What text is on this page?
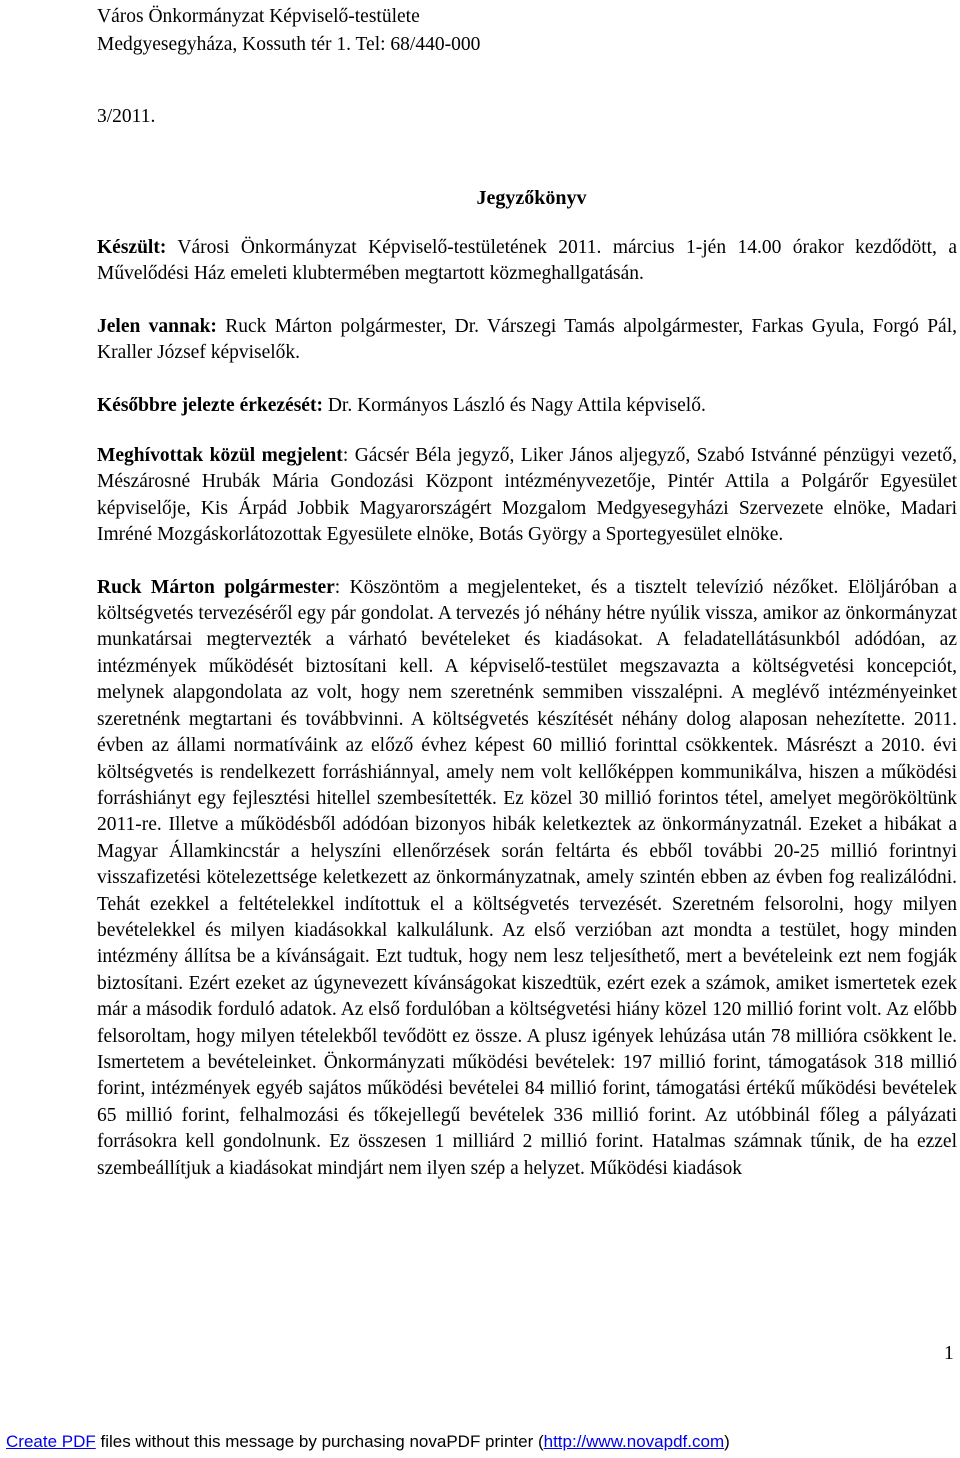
Város Önkormányzat Képviselő-testülete
Medgyesegyháza, Kossuth tér 1. Tel: 68/440-000
3/2011.
Jegyzőkönyv

Készült: Városi Önkormányzat Képviselő-testületének 2011. március 1-jén 14.00 órakor kezdődött, a Művelődési Ház emeleti klubtermében megtartott közmeghallgatásán.

Jelen vannak: Ruck Márton polgármester, Dr. Várszegi Tamás alpolgármester, Farkas Gyula, Forgó Pál, Kraller József képviselők.

Későbbre jelezte érkezését: Dr. Kormányos László és Nagy Attila képviselő.

Meghívottak közül megjelent: Gácsér Béla jegyző, Liker János aljegyző, Szabó Istvánné pénzügyi vezető, Mészárosné Hrubák Mária Gondozási Központ intézményvezetője, Pintér Attila a Polgárőr Egyesület képviselője, Kis Árpád Jobbik Magyarországért Mozgalom Medgyesegyházi Szervezete elnöke, Madari Imréné Mozgáskorlátozottak Egyesülete elnöke, Botás György a Sportegyesület elnöke.

Ruck Márton polgármester: Köszöntöm a megjelenteket, és a tisztelt televízió nézőket. Elöljáróban a költségvetés tervezéséről egy pár gondolat. A tervezés jó néhány hétre nyúlik vissza, amikor az önkormányzat munkatársai megtervezték a várható bevételeket és kiadásokat. A feladatellátásunkból adódóan, az intézmények működését biztosítani kell. A képviselő-testület megszavazta a költségvetési koncepciót, melynek alapgondolata az volt, hogy nem szeretnénk semmiben visszalépni. A meglévő intézményeinket szeretnénk megtartani és továbbvinni. A költségvetés készítését néhány dolog alaposan nehezítette. 2011. évben az állami normatíváink az előző évhez képest 60 millió forinttal csökkentek. Másrészt a 2010. évi költségvetés is rendelkezett forráshiánnyal, amely nem volt kellőképpen kommunikálva, hiszen a működési forráshiányt egy fejlesztési hitellel szembesítették. Ez közel 30 millió forintos tétel, amelyet megörököltünk 2011-re. Illetve a működésből adódóan bizonyos hibák keletkeztek az önkormányzatnál. Ezeket a hibákat a Magyar Államkincstár a helyszíni ellenőrzések során feltárta és ebből további 20-25 millió forintnyi visszafizetési kötelezettsége keletkezett az önkormányzatnak, amely szintén ebben az évben fog realizálódni. Tehát ezekkel a feltételekkel indítottuk el a költségvetés tervezését. Szeretném felsorolni, hogy milyen bevételekkel és milyen kiadásokkal kalkulálunk. Az első verzióban azt mondta a testület, hogy minden intézmény állítsa be a kívánságait. Ezt tudtuk, hogy nem lesz teljesíthető, mert a bevételeink ezt nem fogják biztosítani. Ezért ezeket az úgynevezett kívánságokat kiszedtük, ezért ezek a számok, amiket ismertetek ezek már a második forduló adatok. Az első fordulóban a költségvetési hiány közel 120 millió forint volt. Az előbb felsoroltam, hogy milyen tételekből tevődött ez össze. A plusz igények lehúzása után 78 millióra csökkent le. Ismertetem a bevételeinket. Önkormányzati működési bevételek: 197 millió forint, támogatások 318 millió forint, intézmények egyéb sajátos működési bevételei 84 millió forint, támogatási értékű működési bevételek 65 millió forint, felhalmozási és tőkejellegű bevételek 336 millió forint. Az utóbbinál főleg a pályázati forrásokra kell gondolnunk. Ez összesen 1 milliárd 2 millió forint. Hatalmas számnak tűnik, de ha ezzel szembeállítjuk a kiadásokat mindjárt nem ilyen szép a helyzet. Működési kiadások

1
Create PDF files without this message by purchasing novaPDF printer (http://www.novapdf.com)
